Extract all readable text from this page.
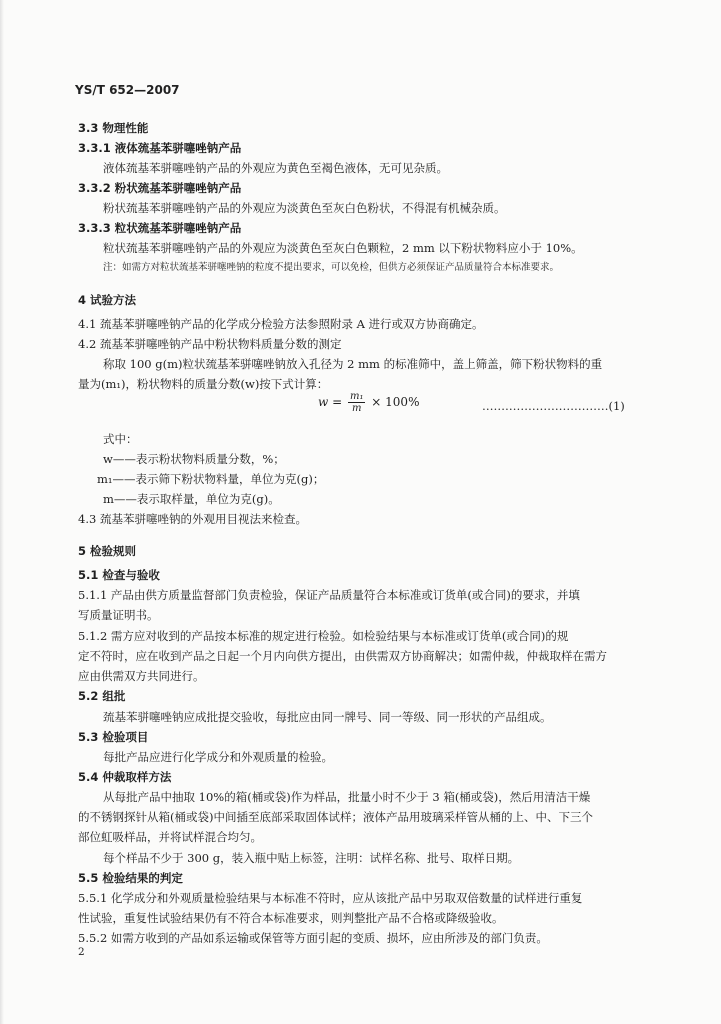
YS/T 652—2007
3.3 物理性能
3.3.1 液体巯基苯骈噻唑钠产品
液体巯基苯骈噻唑钠产品的外观应为黄色至褐色液体，无可见杂质。
3.3.2 粉状巯基苯骈噻唑钠产品
粉状巯基苯骈噻唑钠产品的外观应为淡黄色至灰白色粉状，不得混有机械杂质。
3.3.3 粒状巯基苯骈噻唑钠产品
粒状巯基苯骈噻唑钠产品的外观应为淡黄色至灰白色颗粒，2 mm 以下粉状物料应小于 10%。
注：如需方对粒状巯基苯骈噻唑钠的粒度不提出要求，可以免检，但供方必须保证产品质量符合本标准要求。
4 试验方法
4.1 巯基苯骈噻唑钠产品的化学成分检验方法参照附录 A 进行或双方协商确定。
4.2 巯基苯骈噻唑钠产品中粉状物料质量分数的测定
称取 100 g(m)粒状巯基苯骈噻唑钠放入孔径为 2 mm 的标准筛中，盖上筛盖，筛下粉状物料的重
量为(m₁)，粉状物料的质量分数(w)按下式计算：
式中：
w——表示粉状物料质量分数，%；
m₁——表示筛下粉状物料量，单位为克(g)；
m——表示取样量，单位为克(g)。
4.3 巯基苯骈噻唑钠的外观用目视法来检查。
5 检验规则
5.1 检查与验收
5.1.1 产品由供方质量监督部门负责检验，保证产品质量符合本标准或订货单(或合同)的要求，并填
写质量证明书。
5.1.2 需方应对收到的产品按本标准的规定进行检验。如检验结果与本标准或订货单(或合同)的规
定不符时，应在收到产品之日起一个月内向供方提出，由供需双方协商解决；如需仲裁，仲裁取样在需方
应由供需双方共同进行。
5.2 组批
巯基苯骈噻唑钠应成批提交验收，每批应由同一牌号、同一等级、同一形状的产品组成。
5.3 检验项目
每批产品应进行化学成分和外观质量的检验。
5.4 仲裁取样方法
从每批产品中抽取 10%的箱(桶或袋)作为样品，批量小时不少于 3 箱(桶或袋)，然后用清洁干燥
的不锈钢探针从箱(桶或袋)中间插至底部采取固体试样；液体产品用玻璃采样管从桶的上、中、下三个
部位虹吸样品，并将试样混合均匀。
每个样品不少于 300 g，装入瓶中贴上标签，注明：试样名称、批号、取样日期。
5.5 检验结果的判定
5.5.1 化学成分和外观质量检验结果与本标准不符时，应从该批产品中另取双倍数量的试样进行重复
性试验，重复性试验结果仍有不符合本标准要求，则判整批产品不合格或降级验收。
5.5.2 如需方收到的产品如系运输或保管等方面引起的变质、损坏，应由所涉及的部门负责。
$w = \frac{\text{m₁}}{m} \times 100\%$	……………………………(1)
2
